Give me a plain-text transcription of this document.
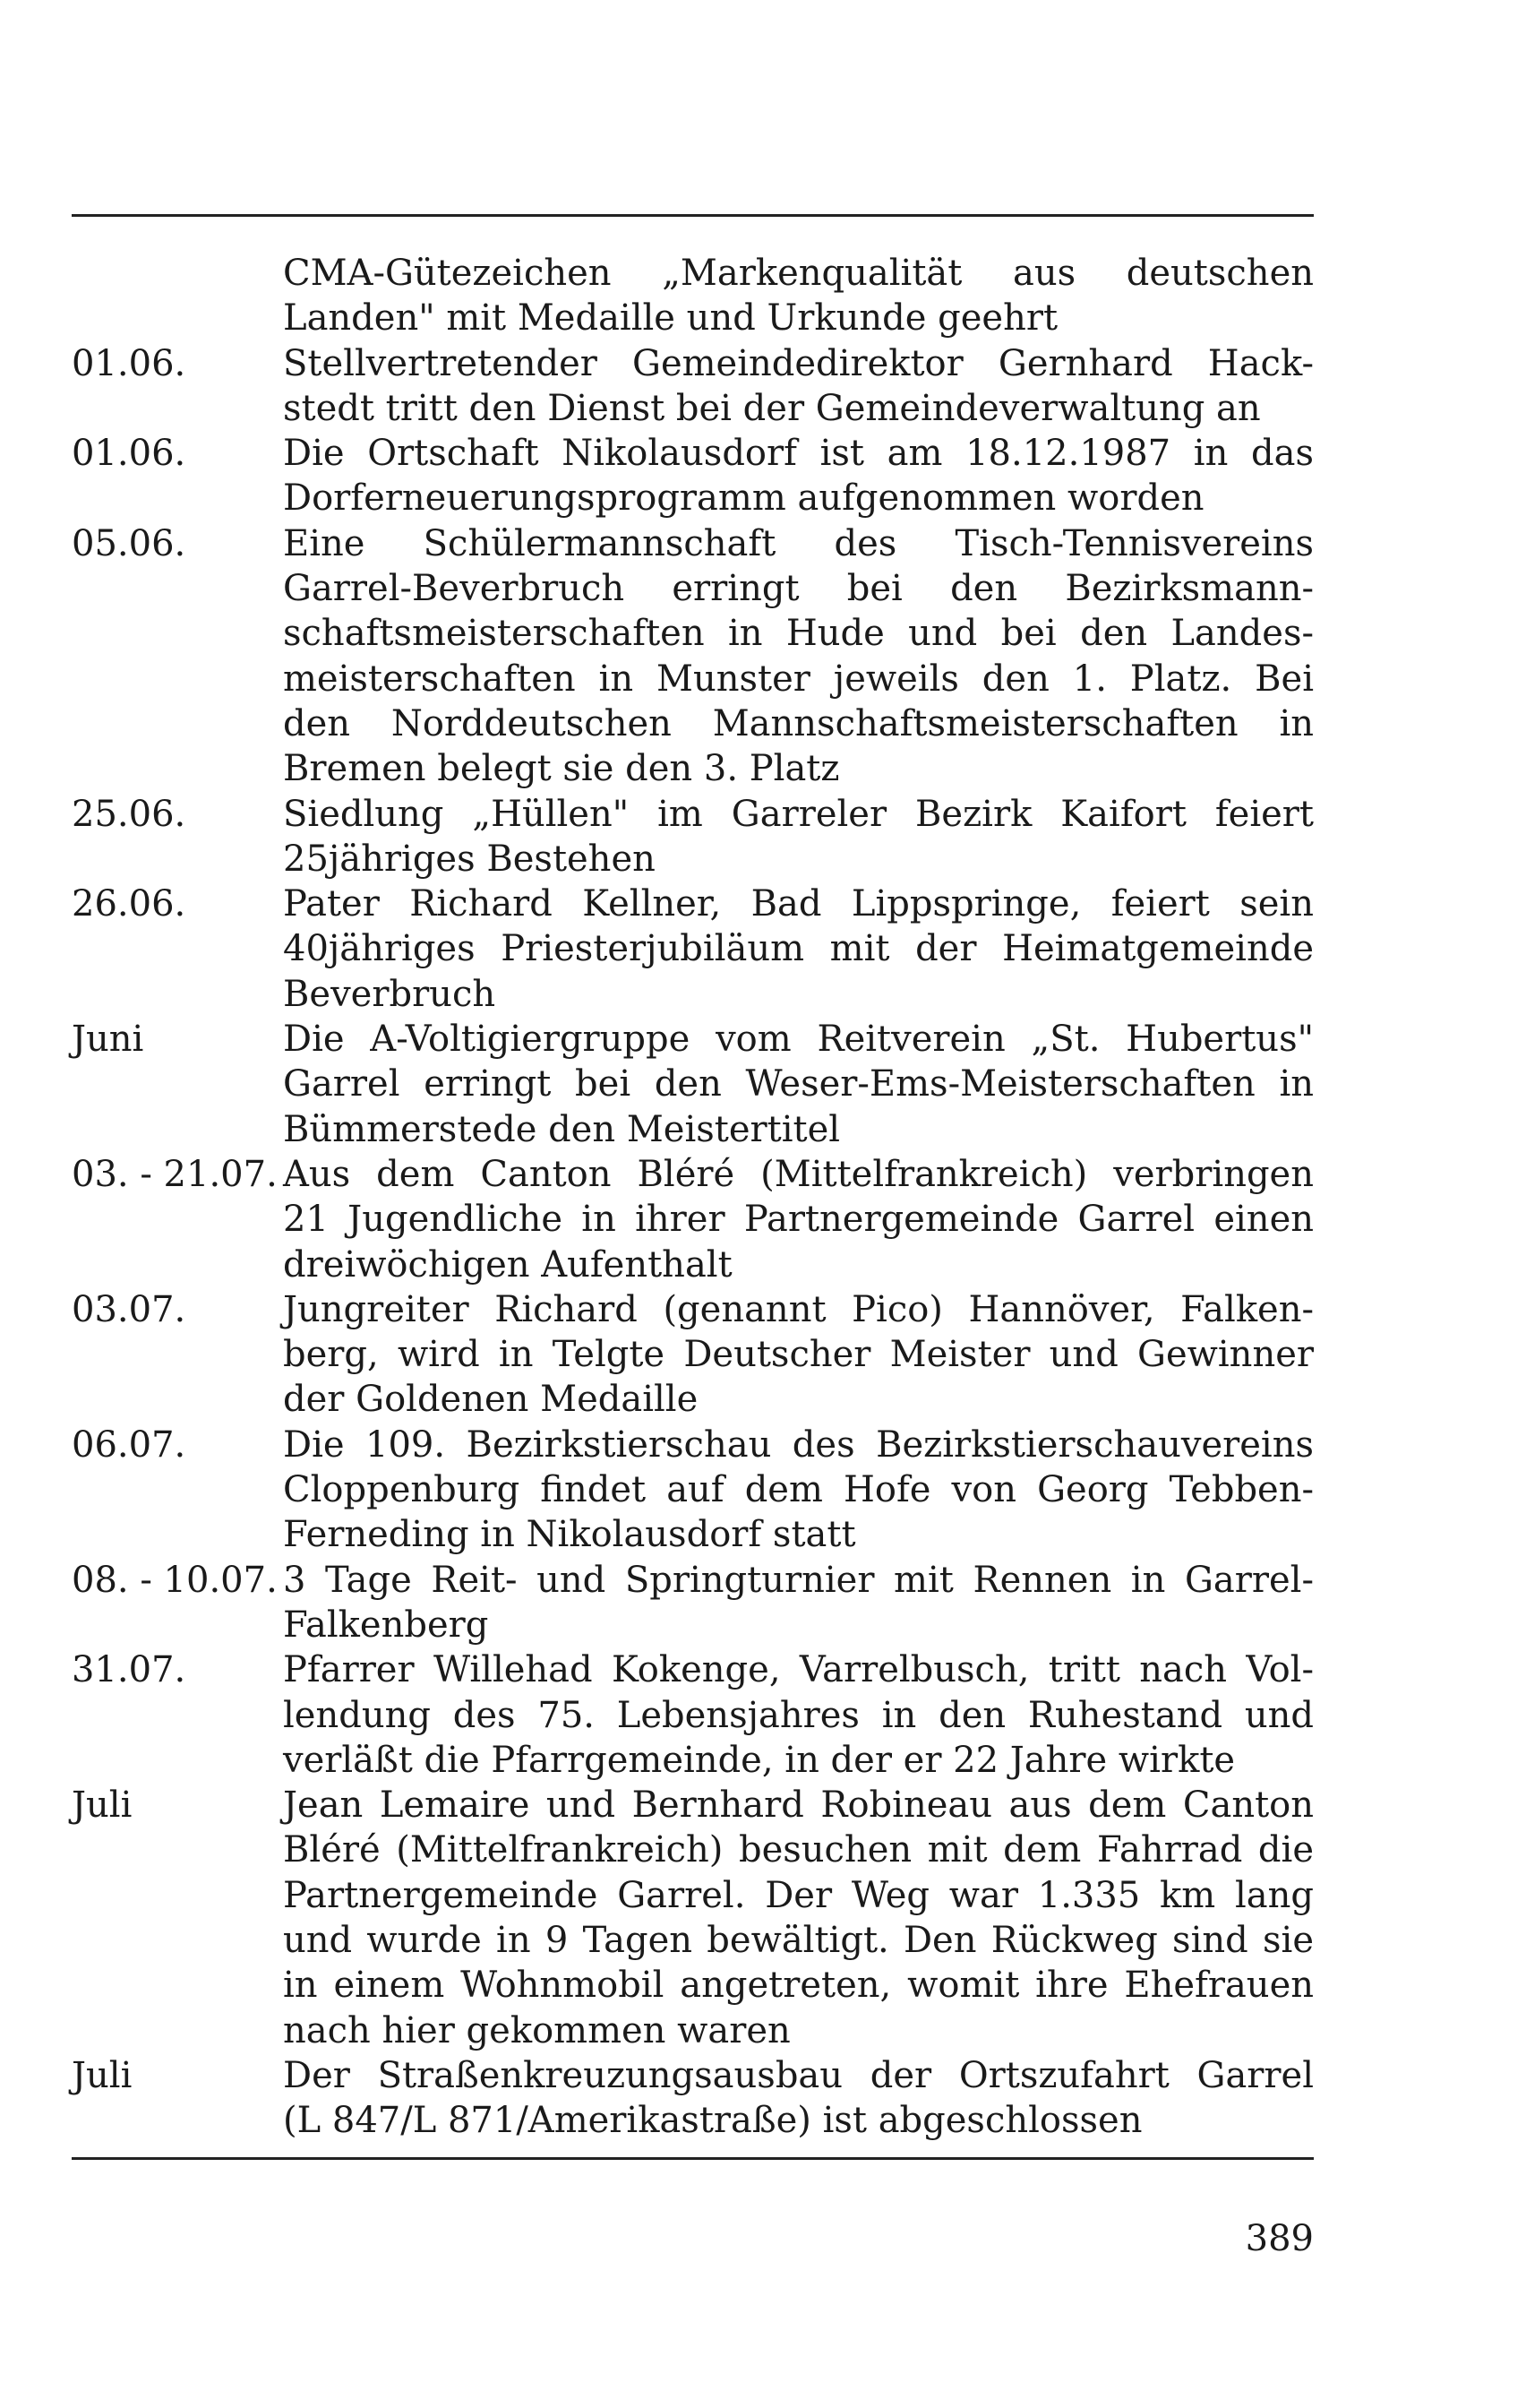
CMA-Gütezeichen „Markenqualität aus deutschen
Landen" mit Medaille und Urkunde geehrt
01.06.	Stellvertretender Gemeindedirektor Gernhard Hack-
stedt tritt den Dienst bei der Gemeindeverwaltung an
01.06.	Die Ortschaft Nikolausdorf ist am 18.12.1987 in das
Dorferneuerungsprogramm aufgenommen worden
05.06.	Eine Schülermannschaft des Tisch-Tennisvereins
Garrel-Beverbruch erringt bei den Bezirksmann-
schaftsmeisterschaften in Hude und bei den Landes-
meisterschaften in Munster jeweils den 1. Platz. Bei
den Norddeutschen Mannschaftsmeisterschaften in
Bremen belegt sie den 3. Platz
25.06.	Siedlung „Hüllen" im Garreler Bezirk Kaifort feiert
25jähriges Bestehen
26.06.	Pater Richard Kellner, Bad Lippspringe, feiert sein
40jähriges Priesterjubiläum mit der Heimatgemeinde
Beverbruch
Juni	Die A-Voltigiergruppe vom Reitverein „St. Hubertus"
Garrel erringt bei den Weser-Ems-Meisterschaften in
Bümmerstede den Meistertitel
03. - 21.07. Aus dem Canton Bléré (Mittelfrankreich) verbringen
21 Jugendliche in ihrer Partnergemeinde Garrel einen
dreiwöchigen Aufenthalt
03.07.	Jungreiter Richard (genannt Pico) Hannöver, Falken-
berg, wird in Telgte Deutscher Meister und Gewinner
der Goldenen Medaille
06.07.	Die 109. Bezirkstierschau des Bezirkstierschauvereins
Cloppenburg findet auf dem Hofe von Georg Tebben-
Ferneding in Nikolausdorf statt
08. - 10.07. 3 Tage Reit- und Springturnier mit Rennen in Garrel-
Falkenberg
31.07.	Pfarrer Willehad Kokenge, Varrelbusch, tritt nach Vol-
lendung des 75. Lebensjahres in den Ruhestand und
verläßt die Pfarrgemeinde, in der er 22 Jahre wirkte
Juli	Jean Lemaire und Bernhard Robineau aus dem Canton
Bléré (Mittelfrankreich) besuchen mit dem Fahrrad die
Partnergemeinde Garrel. Der Weg war 1.335 km lang
und wurde in 9 Tagen bewältigt. Den Rückweg sind sie
in einem Wohnmobil angetreten, womit ihre Ehefrauen
nach hier gekommen waren
Juli	Der Straßenkreuzungsausbau der Ortszufahrt Garrel
(L 847/L 871/Amerikastraße) ist abgeschlossen
389
